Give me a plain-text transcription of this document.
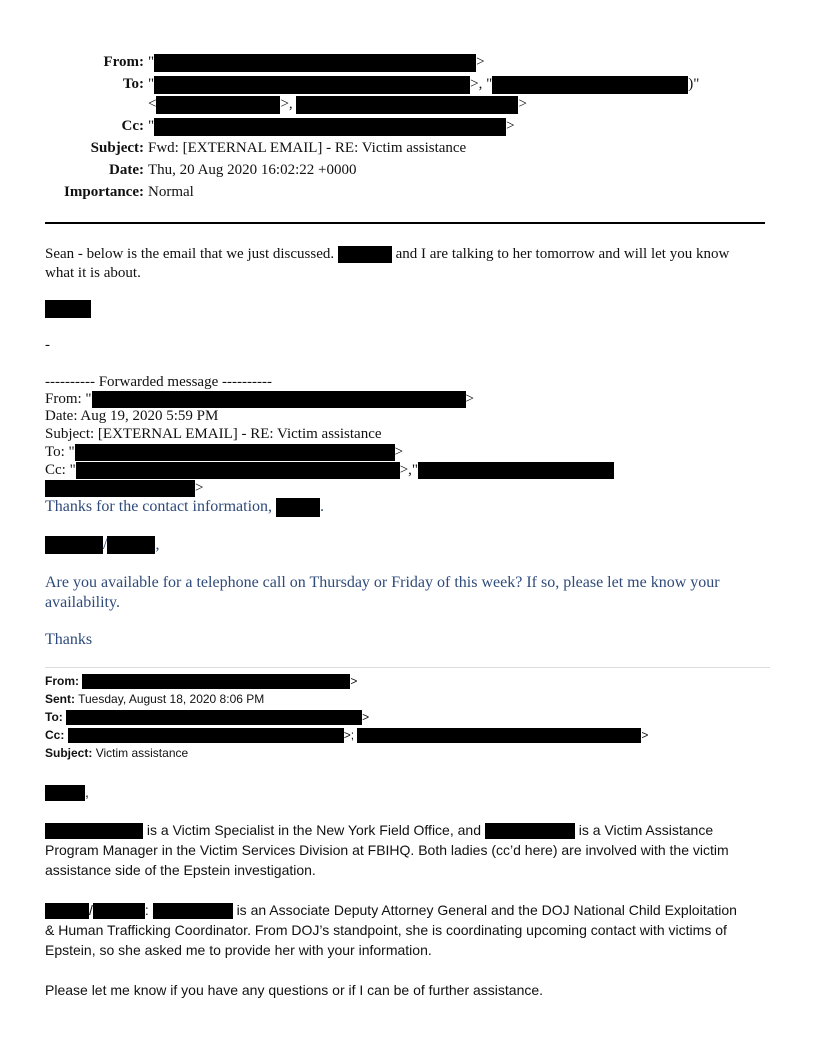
From: "	>
To: "	>, "	)"
<	>,	>
Cc: "	>
Subject: Fwd: [EXTERNAL EMAIL] - RE: Victim assistance
Date: Thu, 20 Aug 2020 16:02:22 +0000
Importance: Normal
Sean - below is the email that we just discussed.	and I are talking to her tomorrow and will let you know
what it is about.
-
---------- Forwarded message ----------
From: "	>
Date: Aug 19, 2020 5:59 PM
Subject: [EXTERNAL EMAIL] - RE: Victim assistance
To: "	>
Cc: "	>,"
>
Thanks for the contact information,	.
/	,

Are you available for a telephone call on Thursday or Friday of this week? If so, please let me know your availability.

Thanks
From:	>
Sent: Tuesday, August 18, 2020 8:06 PM
To:	>
Cc:	>;	>
Subject: Victim assistance
,
is a Victim Specialist in the New York Field Office, and	is a Victim Assistance
Program Manager in the Victim Services Division at FBIHQ. Both ladies (cc’d here) are involved with the victim
assistance side of the Epstein investigation.
/	:	is an Associate Deputy Attorney General and the DOJ National Child Exploitation
& Human Trafficking Coordinator. From DOJ’s standpoint, she is coordinating upcoming contact with victims of
Epstein, so she asked me to provide her with your information.
Please let me know if you have any questions or if I can be of further assistance.
